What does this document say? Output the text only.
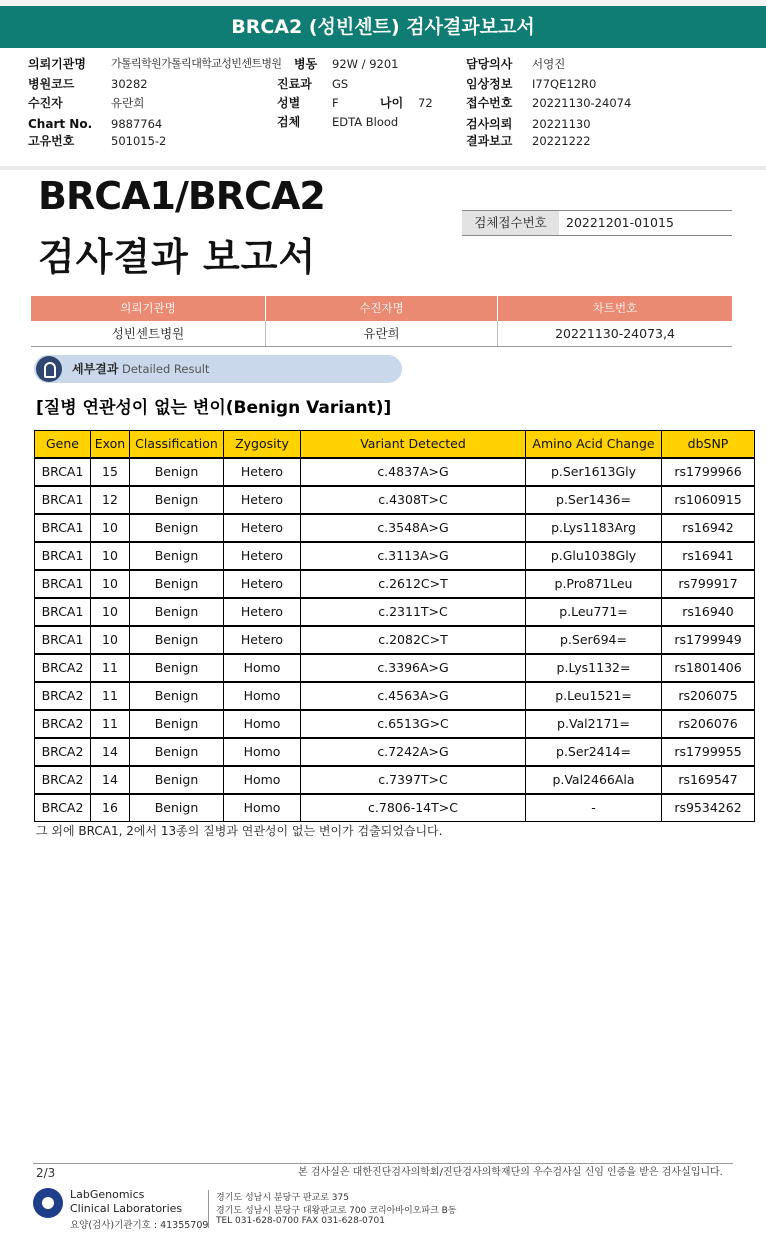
BRCA2 (성빈센트) 검사결과보고서
의뢰기관명 가톨릭학원가톨릭대학교성빈센트병원 병동 92W / 9201	담당의사 서영진
병원코드	30282	진료과 GS	임상정보 I77QE12R0
수진자	유란희	성별	F	나이 72	접수번호 20221130-24074
Chart No. 9887764	검체	EDTA Blood	검사의뢰 20221130
고유번호	501015-2	결과보고 20221222
BRCA1/BRCA2
검사결과 보고서
검체접수번호	20221201-01015
의뢰기관명	수진자명	차트번호
성빈센트병원	유란희	20221130-24073,4
세부결과 Detailed Result
[질병 연관성이 없는 변이(Benign Variant)]
Gene	Exon	Classification	Zygosity	Variant Detected	Amino Acid Change	dbSNP
BRCA1	15	Benign	Hetero	c.4837A>G	p.Ser1613Gly	rs1799966
BRCA1	12	Benign	Hetero	c.4308T>C	p.Ser1436=	rs1060915
BRCA1	10	Benign	Hetero	c.3548A>G	p.Lys1183Arg	rs16942
BRCA1	10	Benign	Hetero	c.3113A>G	p.Glu1038Gly	rs16941
BRCA1	10	Benign	Hetero	c.2612C>T	p.Pro871Leu	rs799917
BRCA1	10	Benign	Hetero	c.2311T>C	p.Leu771=	rs16940
BRCA1	10	Benign	Hetero	c.2082C>T	p.Ser694=	rs1799949
BRCA2	11	Benign	Homo	c.3396A>G	p.Lys1132=	rs1801406
BRCA2	11	Benign	Homo	c.4563A>G	p.Leu1521=	rs206075
BRCA2	11	Benign	Homo	c.6513G>C	p.Val2171=	rs206076
BRCA2	14	Benign	Homo	c.7242A>G	p.Ser2414=	rs1799955
BRCA2	14	Benign	Homo	c.7397T>C	p.Val2466Ala	rs169547
BRCA2	16	Benign	Homo	c.7806-14T>C	-	rs9534262
그 외에 BRCA1, 2에서 13종의 질병과 연관성이 없는 변이가 검출되었습니다.
2/3	본 검사실은 대한진단검사의학회/진단검사의학재단의 우수검사실 신임 인증을 받은 검사실입니다.
LabGenomics
Clinical Laboratories
요양(검사)기관기호 : 41355709
경기도 성남시 분당구 판교로 375
경기도 성남시 분당구 대왕판교로 700 코리아바이오파크 B동
TEL 031-628-0700 FAX 031-628-0701
